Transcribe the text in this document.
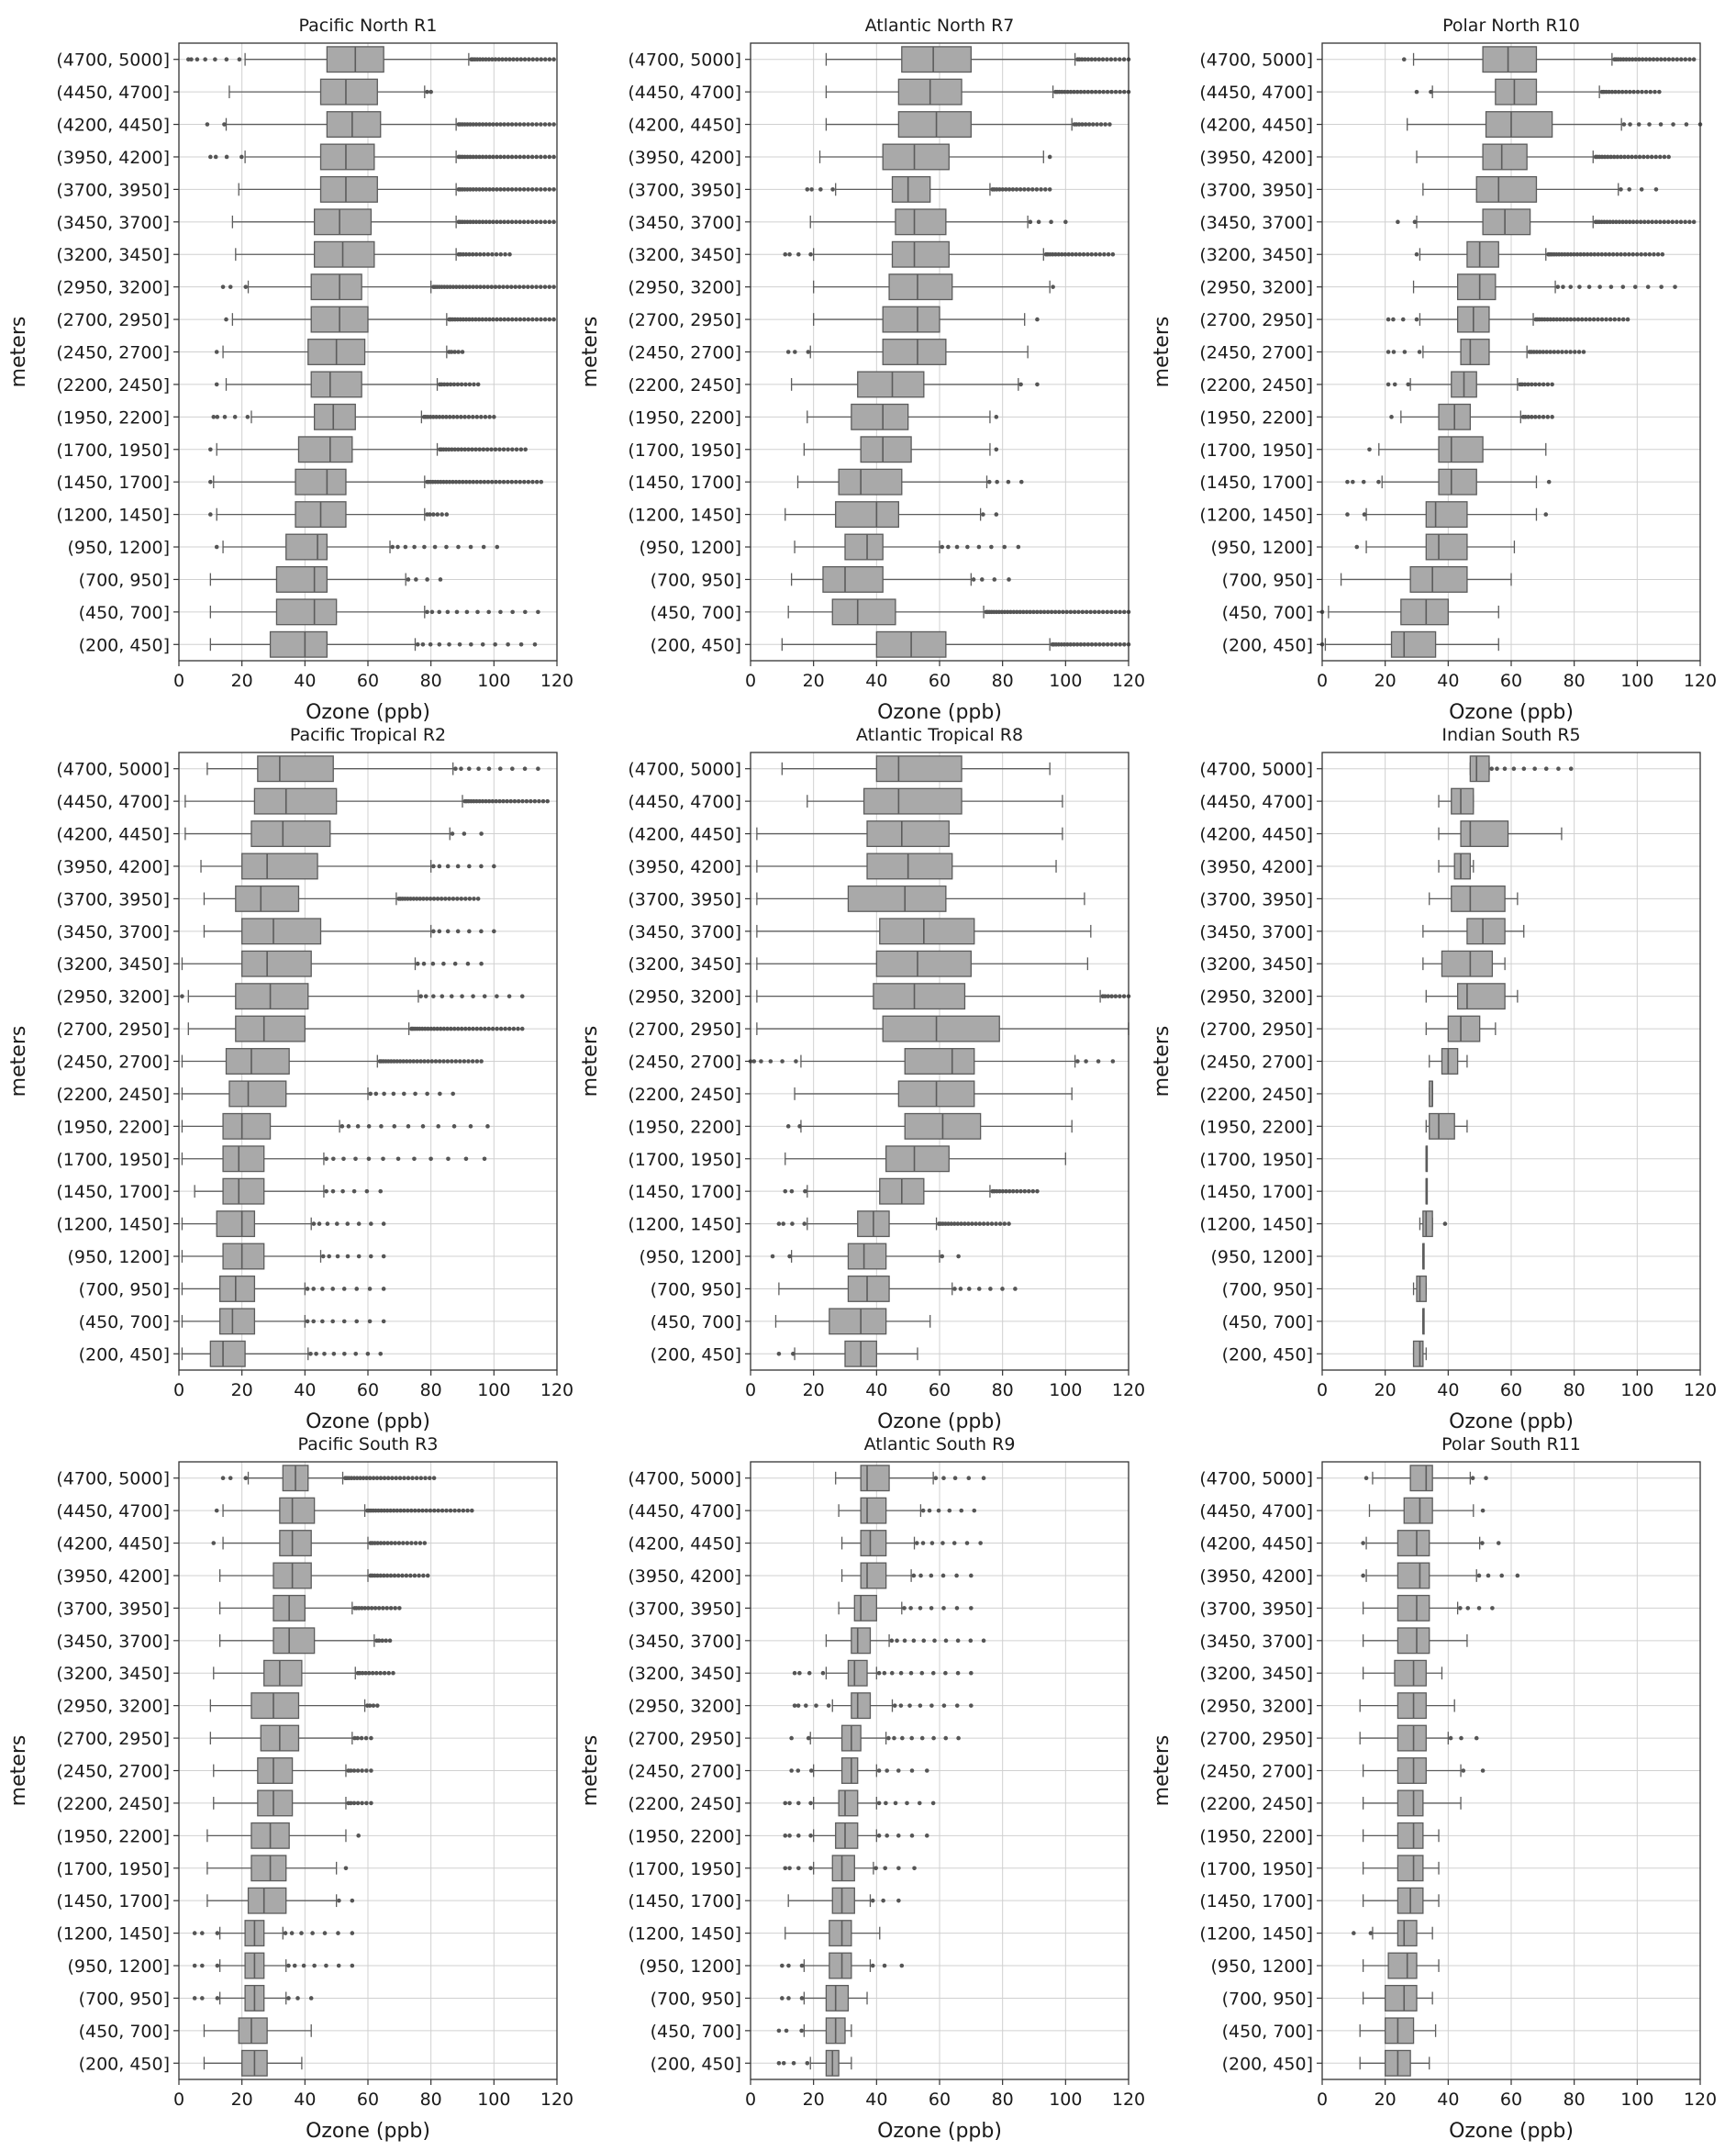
0	20 40 60 80 100 120
(4700, 5000]
(4450, 4700]
(4200, 4450]
(3950, 4200]
(3700, 3950]
(3450, 3700]
(3200, 3450]
(2950, 3200]
(2700, 2950]
(2450, 2700]
(2200, 2450]
(1950, 2200]
(1700, 1950]
(1450, 1700]
(1200, 1450]
(950, 1200]
(700, 950]
(450, 700]
(200, 450]
Pacific North R1
Ozone (ppb)
meters
0	20 40 60 80 100 120
(4700, 5000]
(4450, 4700]
(4200, 4450]
(3950, 4200]
(3700, 3950]
(3450, 3700]
(3200, 3450]
(2950, 3200]
(2700, 2950]
(2450, 2700]
(2200, 2450]
(1950, 2200]
(1700, 1950]
(1450, 1700]
(1200, 1450]
(950, 1200]
(700, 950]
(450, 700]
(200, 450]
Atlantic North R7
Ozone (ppb)
meters
0	20 40 60 80 100 120
(4700, 5000]
(4450, 4700]
(4200, 4450]
(3950, 4200]
(3700, 3950]
(3450, 3700]
(3200, 3450]
(2950, 3200]
(2700, 2950]
(2450, 2700]
(2200, 2450]
(1950, 2200]
(1700, 1950]
(1450, 1700]
(1200, 1450]
(950, 1200]
(700, 950]
(450, 700]
(200, 450]
Polar North R10
Ozone (ppb)
meters
0	20 40 60 80 100 120
(4700, 5000]
(4450, 4700]
(4200, 4450]
(3950, 4200]
(3700, 3950]
(3450, 3700]
(3200, 3450]
(2950, 3200]
(2700, 2950]
(2450, 2700]
(2200, 2450]
(1950, 2200]
(1700, 1950]
(1450, 1700]
(1200, 1450]
(950, 1200]
(700, 950]
(450, 700]
(200, 450]
Pacific Tropical R2
Ozone (ppb)
meters
0	20 40 60 80 100 120
(4700, 5000]
(4450, 4700]
(4200, 4450]
(3950, 4200]
(3700, 3950]
(3450, 3700]
(3200, 3450]
(2950, 3200]
(2700, 2950]
(2450, 2700]
(2200, 2450]
(1950, 2200]
(1700, 1950]
(1450, 1700]
(1200, 1450]
(950, 1200]
(700, 950]
(450, 700]
(200, 450]
Atlantic Tropical R8
Ozone (ppb)
meters
0	20 40 60 80 100 120
(4700, 5000]
(4450, 4700]
(4200, 4450]
(3950, 4200]
(3700, 3950]
(3450, 3700]
(3200, 3450]
(2950, 3200]
(2700, 2950]
(2450, 2700]
(2200, 2450]
(1950, 2200]
(1700, 1950]
(1450, 1700]
(1200, 1450]
(950, 1200]
(700, 950]
(450, 700]
(200, 450]
Indian South R5
Ozone (ppb)
meters
0	20 40 60 80 100 120
(4700, 5000]
(4450, 4700]
(4200, 4450]
(3950, 4200]
(3700, 3950]
(3450, 3700]
(3200, 3450]
(2950, 3200]
(2700, 2950]
(2450, 2700]
(2200, 2450]
(1950, 2200]
(1700, 1950]
(1450, 1700]
(1200, 1450]
(950, 1200]
(700, 950]
(450, 700]
(200, 450]
Pacific South R3
Ozone (ppb)
meters
0	20 40 60 80 100 120
(4700, 5000]
(4450, 4700]
(4200, 4450]
(3950, 4200]
(3700, 3950]
(3450, 3700]
(3200, 3450]
(2950, 3200]
(2700, 2950]
(2450, 2700]
(2200, 2450]
(1950, 2200]
(1700, 1950]
(1450, 1700]
(1200, 1450]
(950, 1200]
(700, 950]
(450, 700]
(200, 450]
Atlantic South R9
Ozone (ppb)
meters
0	20 40 60 80 100 120
(4700, 5000]
(4450, 4700]
(4200, 4450]
(3950, 4200]
(3700, 3950]
(3450, 3700]
(3200, 3450]
(2950, 3200]
(2700, 2950]
(2450, 2700]
(2200, 2450]
(1950, 2200]
(1700, 1950]
(1450, 1700]
(1200, 1450]
(950, 1200]
(700, 950]
(450, 700]
(200, 450]
Polar South R11
Ozone (ppb)
meters
